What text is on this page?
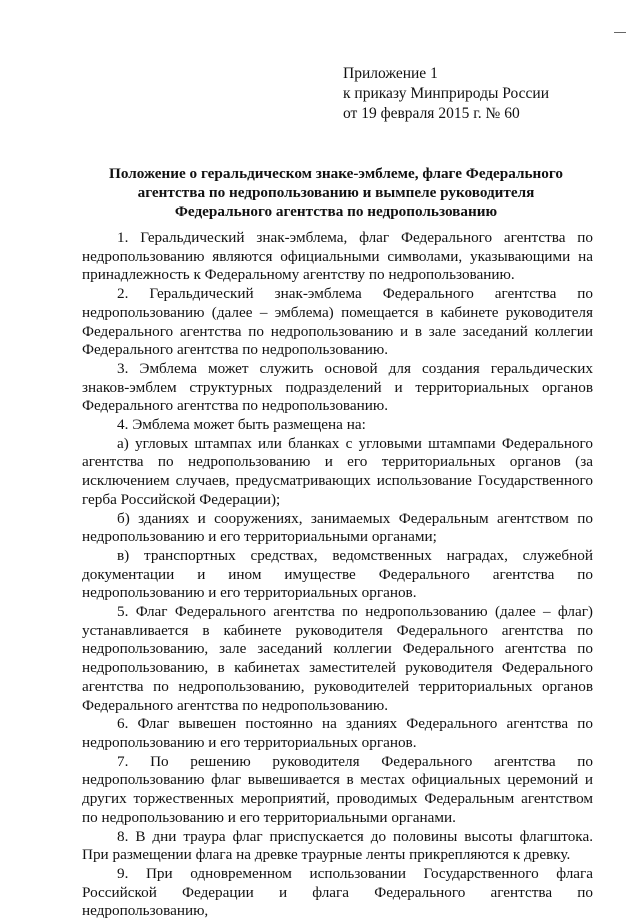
Приложение 1
к приказу Минприроды России
от 19 февраля 2015 г. № 60
Положение о геральдическом знаке-эмблеме, флаге Федерального агентства по недропользованию и вымпеле руководителя Федерального агентства по недропользованию

1. Геральдический знак-эмблема, флаг Федерального агентства по недропользованию являются официальными символами, указывающими на принадлежность к Федеральному агентству по недропользованию.

2. Геральдический знак-эмблема Федерального агентства по недропользованию (далее – эмблема) помещается в кабинете руководителя Федерального агентства по недропользованию и в зале заседаний коллегии Федерального агентства по недропользованию.

3. Эмблема может служить основой для создания геральдических знаков-эмблем структурных подразделений и территориальных органов Федерального агентства по недропользованию.

4. Эмблема может быть размещена на:

а) угловых штампах или бланках с угловыми штампами Федерального агентства по недропользованию и его территориальных органов (за исключением случаев, предусматривающих использование Государственного герба Российской Федерации);

б) зданиях и сооружениях, занимаемых Федеральным агентством по недропользованию и его территориальными органами;

в) транспортных средствах, ведомственных наградах, служебной документации и ином имуществе Федерального агентства по недропользованию и его территориальных органов.

5. Флаг Федерального агентства по недропользованию (далее – флаг) устанавливается в кабинете руководителя Федерального агентства по недропользованию, зале заседаний коллегии Федерального агентства по недропользованию, в кабинетах заместителей руководителя Федерального агентства по недропользованию, руководителей территориальных органов Федерального агентства по недропользованию.

6. Флаг вывешен постоянно на зданиях Федерального агентства по недропользованию и его территориальных органов.

7. По решению руководителя Федерального агентства по недропользованию флаг вывешивается в местах официальных церемоний и других торжественных мероприятий, проводимых Федеральным агентством по недропользованию и его территориальными органами.

8. В дни траура флаг приспускается до половины высоты флагштока. При размещении флага на древке траурные ленты прикрепляются к древку.

9. При одновременном использовании Государственного флага Российской Федерации и флага Федерального агентства по недропользованию,
